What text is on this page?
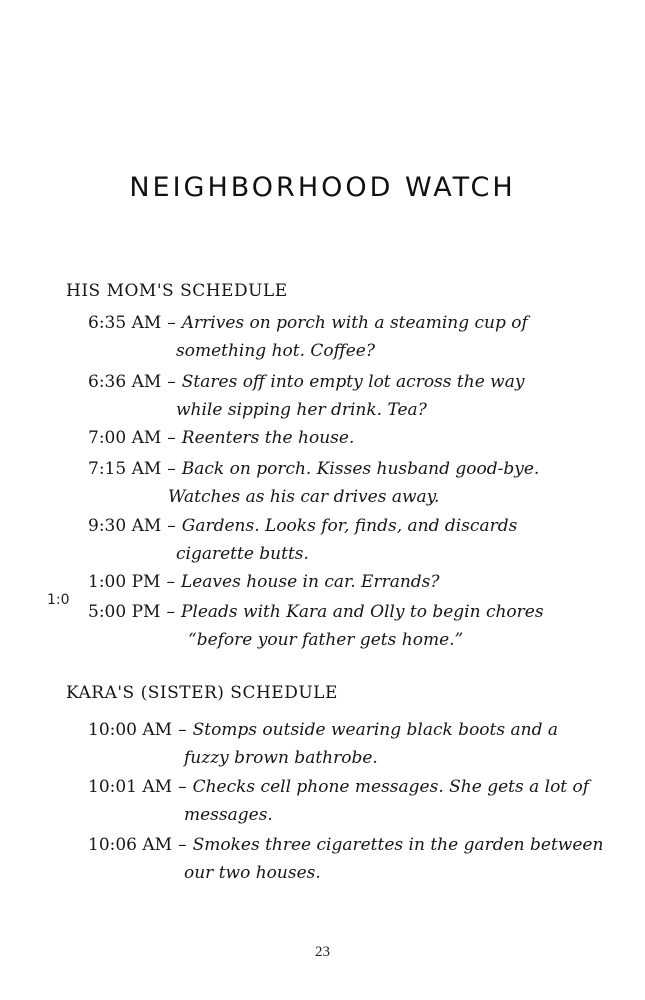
NEIGHBORHOOD WATCH
HIS MOM'S SCHEDULE
6:35 AM – Arrives on porch with a steaming cup of
something hot. Coffee?
6:36 AM – Stares off into empty lot across the way
while sipping her drink. Tea?
7:00 AM – Reenters the house.
7:15 AM – Back on porch. Kisses husband good-bye.
Watches as his car drives away.
9:30 AM – Gardens. Looks for, finds, and discards
cigarette butts.
1:00 PM – Leaves house in car. Errands?
1:0
5:00 PM – Pleads with Kara and Olly to begin chores
“before your father gets home.”
KARA'S (SISTER) SCHEDULE
10:00 AM – Stomps outside wearing black boots and a
fuzzy brown bathrobe.
10:01 AM – Checks cell phone messages. She gets a lot of
messages.
10:06 AM – Smokes three cigarettes in the garden between
our two houses.
23
